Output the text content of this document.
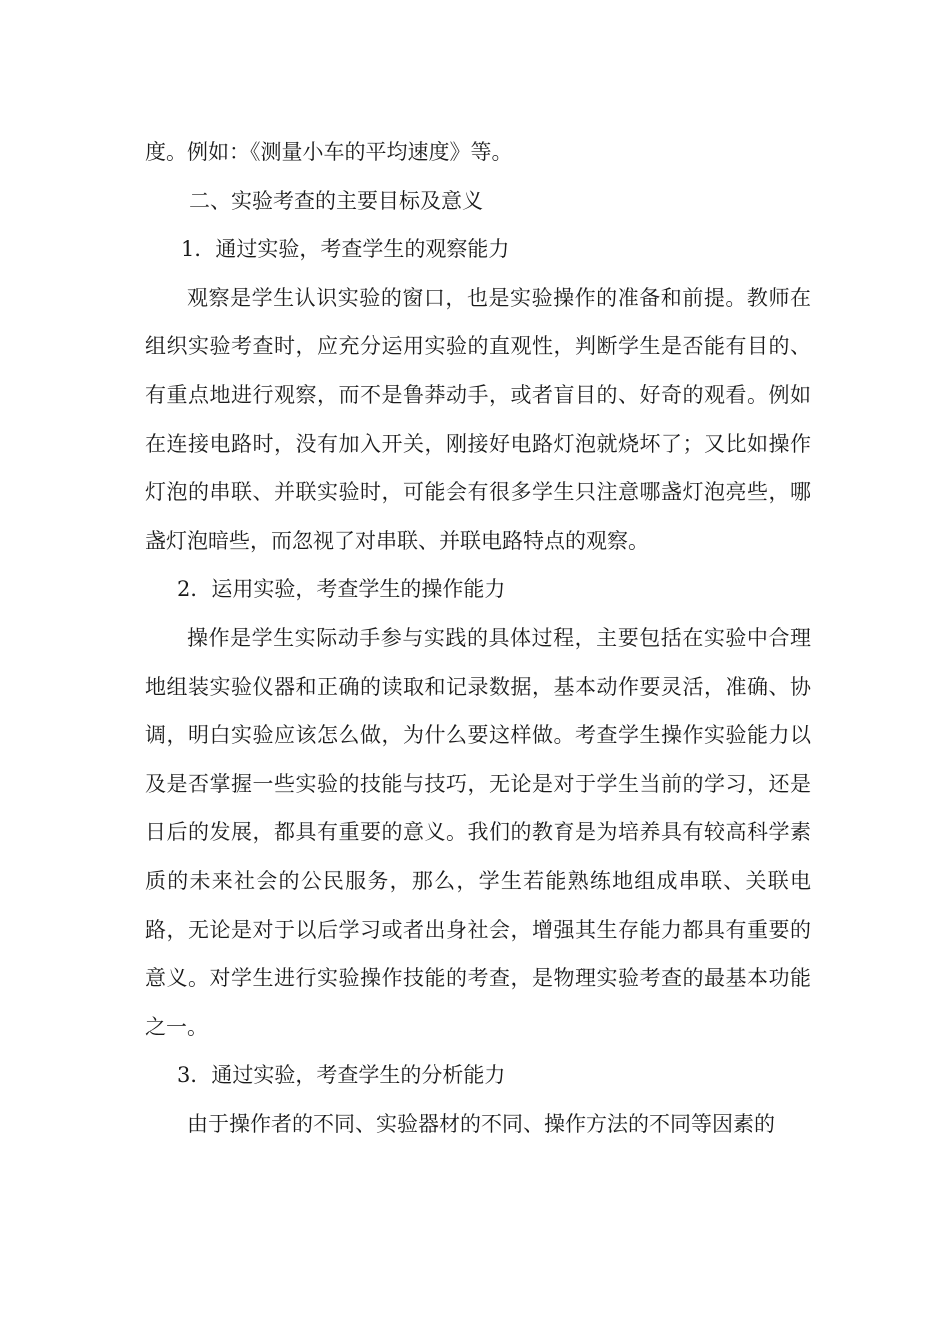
度。例如：《测量小车的平均速度》等。

二、实验考查的主要目标及意义

1．通过实验，考查学生的观察能力

观察是学生认识实验的窗口，也是实验操作的准备和前提。教师在组织实验考查时，应充分运用实验的直观性，判断学生是否能有目的、有重点地进行观察，而不是鲁莽动手，或者盲目的、好奇的观看。例如在连接电路时，没有加入开关，刚接好电路灯泡就烧坏了；又比如操作灯泡的串联、并联实验时，可能会有很多学生只注意哪盏灯泡亮些，哪盏灯泡暗些，而忽视了对串联、并联电路特点的观察。

2．运用实验，考查学生的操作能力

操作是学生实际动手参与实践的具体过程，主要包括在实验中合理地组装实验仪器和正确的读取和记录数据，基本动作要灵活，准确、协调，明白实验应该怎么做，为什么要这样做。考查学生操作实验能力以及是否掌握一些实验的技能与技巧，无论是对于学生当前的学习，还是日后的发展，都具有重要的意义。我们的教育是为培养具有较高科学素质的未来社会的公民服务，那么，学生若能熟练地组成串联、关联电路，无论是对于以后学习或者出身社会，增强其生存能力都具有重要的意义。对学生进行实验操作技能的考查，是物理实验考查的最基本功能之一。

3．通过实验，考查学生的分析能力

由于操作者的不同、实验器材的不同、操作方法的不同等因素的
